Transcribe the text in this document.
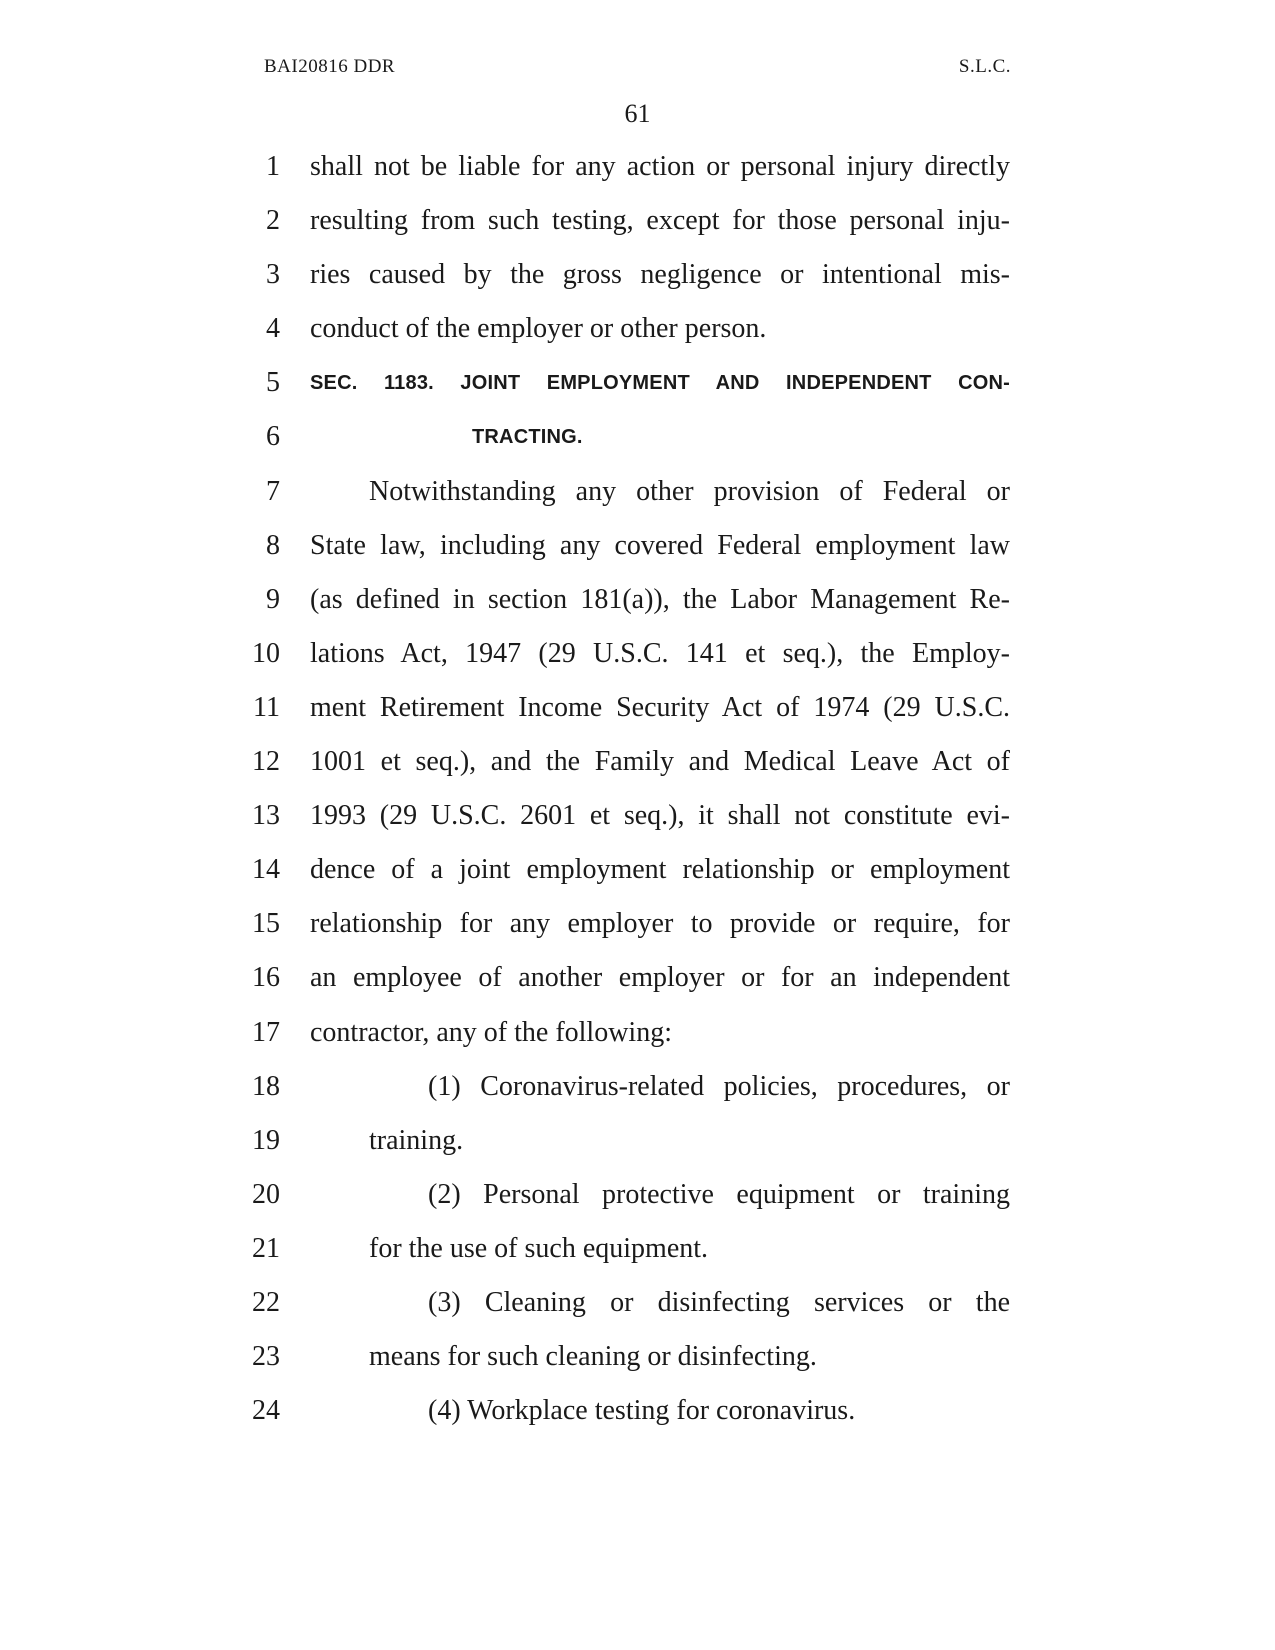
BAI20816 DDR	S.L.C.
61
1 shall not be liable for any action or personal injury directly
2 resulting from such testing, except for those personal inju-
3 ries caused by the gross negligence or intentional mis-
4 conduct of the employer or other person.
5 SEC. 1183. JOINT EMPLOYMENT AND INDEPENDENT CON-
6	TRACTING.
7	Notwithstanding any other provision of Federal or
8 State law, including any covered Federal employment law
9 (as defined in section 181(a)), the Labor Management Re-
10 lations Act, 1947 (29 U.S.C. 141 et seq.), the Employ-
11 ment Retirement Income Security Act of 1974 (29 U.S.C.
12 1001 et seq.), and the Family and Medical Leave Act of
13 1993 (29 U.S.C. 2601 et seq.), it shall not constitute evi-
14 dence of a joint employment relationship or employment
15 relationship for any employer to provide or require, for
16 an employee of another employer or for an independent
17 contractor, any of the following:
18	(1) Coronavirus-related policies, procedures, or
19	training.
20	(2) Personal protective equipment or training
21	for the use of such equipment.
22	(3) Cleaning or disinfecting services or the
23	means for such cleaning or disinfecting.
24	(4) Workplace testing for coronavirus.
